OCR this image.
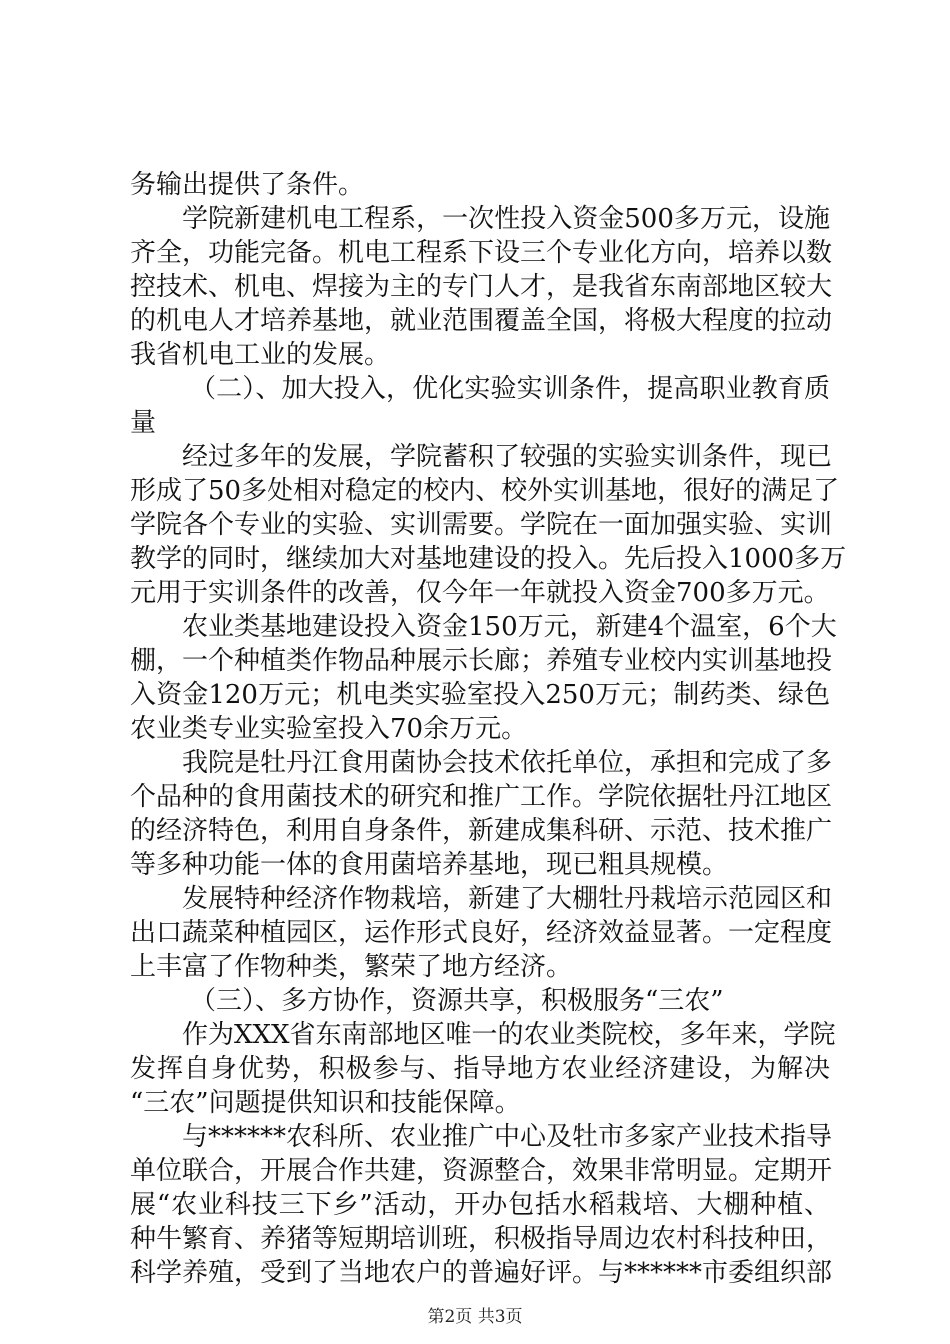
务输出提供了条件。
学院新建机电工程系，一次性投入资金500多万元，设施
齐全，功能完备。机电工程系下设三个专业化方向，培养以数
控技术、机电、焊接为主的专门人才，是我省东南部地区较大
的机电人才培养基地，就业范围覆盖全国，将极大程度的拉动
我省机电工业的发展。
（二）、加大投入，优化实验实训条件，提高职业教育质
量
经过多年的发展，学院蓄积了较强的实验实训条件，现已
形成了50多处相对稳定的校内、校外实训基地，很好的满足了
学院各个专业的实验、实训需要。学院在一面加强实验、实训
教学的同时，继续加大对基地建设的投入。先后投入1000多万
元用于实训条件的改善，仅今年一年就投入资金700多万元。
农业类基地建设投入资金150万元，新建4个温室，6个大
棚，一个种植类作物品种展示长廊；养殖专业校内实训基地投
入资金120万元；机电类实验室投入250万元；制药类、绿色
农业类专业实验室投入70余万元。
我院是牡丹江食用菌协会技术依托单位，承担和完成了多
个品种的食用菌技术的研究和推广工作。学院依据牡丹江地区
的经济特色，利用自身条件，新建成集科研、示范、技术推广
等多种功能一体的食用菌培养基地，现已粗具规模。
发展特种经济作物栽培，新建了大棚牡丹栽培示范园区和
出口蔬菜种植园区，运作形式良好，经济效益显著。一定程度
上丰富了作物种类，繁荣了地方经济。
（三）、多方协作，资源共享，积极服务“三农”
作为XXX省东南部地区唯一的农业类院校，多年来，学院
发挥自身优势，积极参与、指导地方农业经济建设，为解决
“三农”问题提供知识和技能保障。
与******农科所、农业推广中心及牡市多家产业技术指导
单位联合，开展合作共建，资源整合，效果非常明显。定期开
展“农业科技三下乡”活动，开办包括水稻栽培、大棚种植、
种牛繁育、养猪等短期培训班，积极指导周边农村科技种田，
科学养殖，受到了当地农户的普遍好评。与******市委组织部
第2页 共3页
